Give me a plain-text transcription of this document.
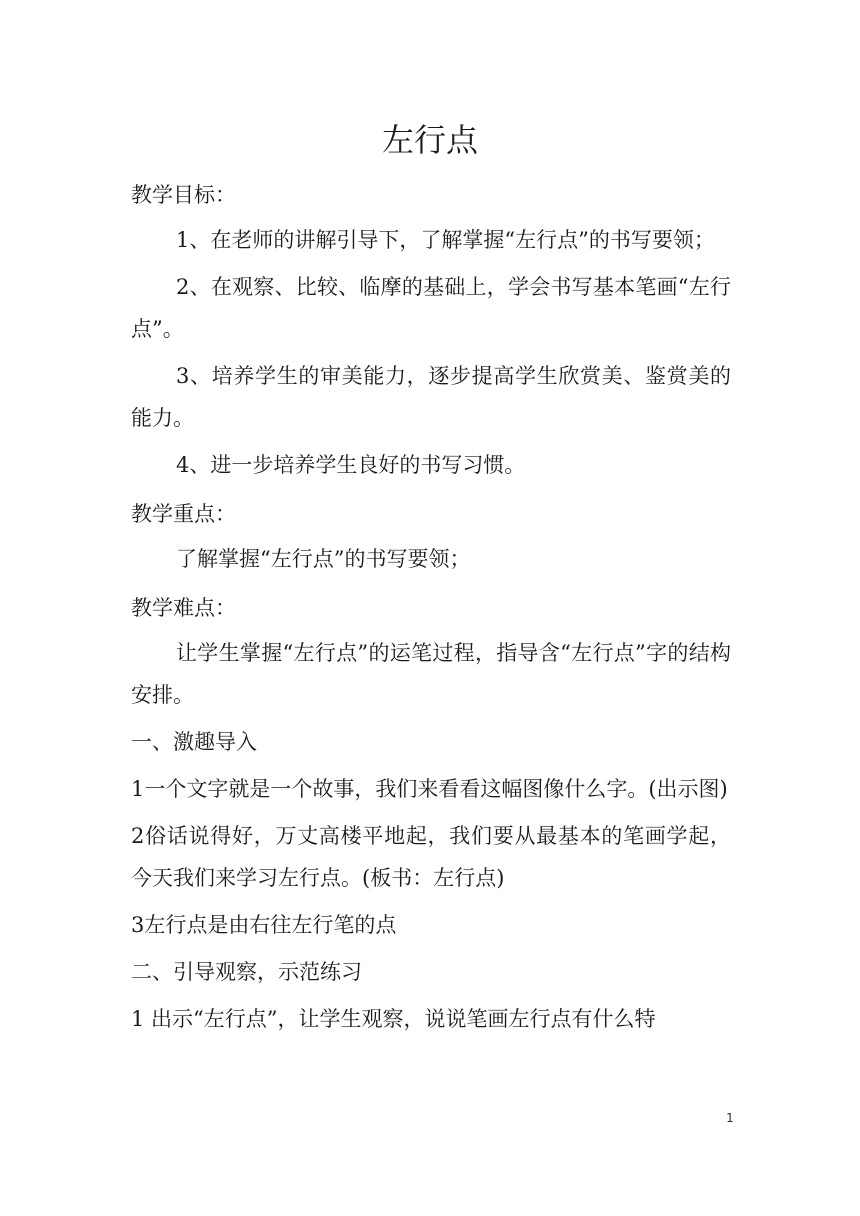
左行点
教学目标：
1、在老师的讲解引导下，了解掌握“左行点”的书写要领；
2、在观察、比较、临摩的基础上，学会书写基本笔画“左行点”。
3、培养学生的审美能力，逐步提高学生欣赏美、鉴赏美的能力。
4、进一步培养学生良好的书写习惯。
教学重点：
了解掌握“左行点”的书写要领；
教学难点：
让学生掌握“左行点”的运笔过程，指导含“左行点”字的结构安排。
一、激趣导入
1一个文字就是一个故事，我们来看看这幅图像什么字。(出示图)
2俗话说得好，万丈高楼平地起，我们要从最基本的笔画学起，今天我们来学习左行点。(板书：左行点)
3左行点是由右往左行笔的点
二、引导观察，示范练习
1 出示“左行点”，让学生观察，说说笔画左行点有什么特
1
